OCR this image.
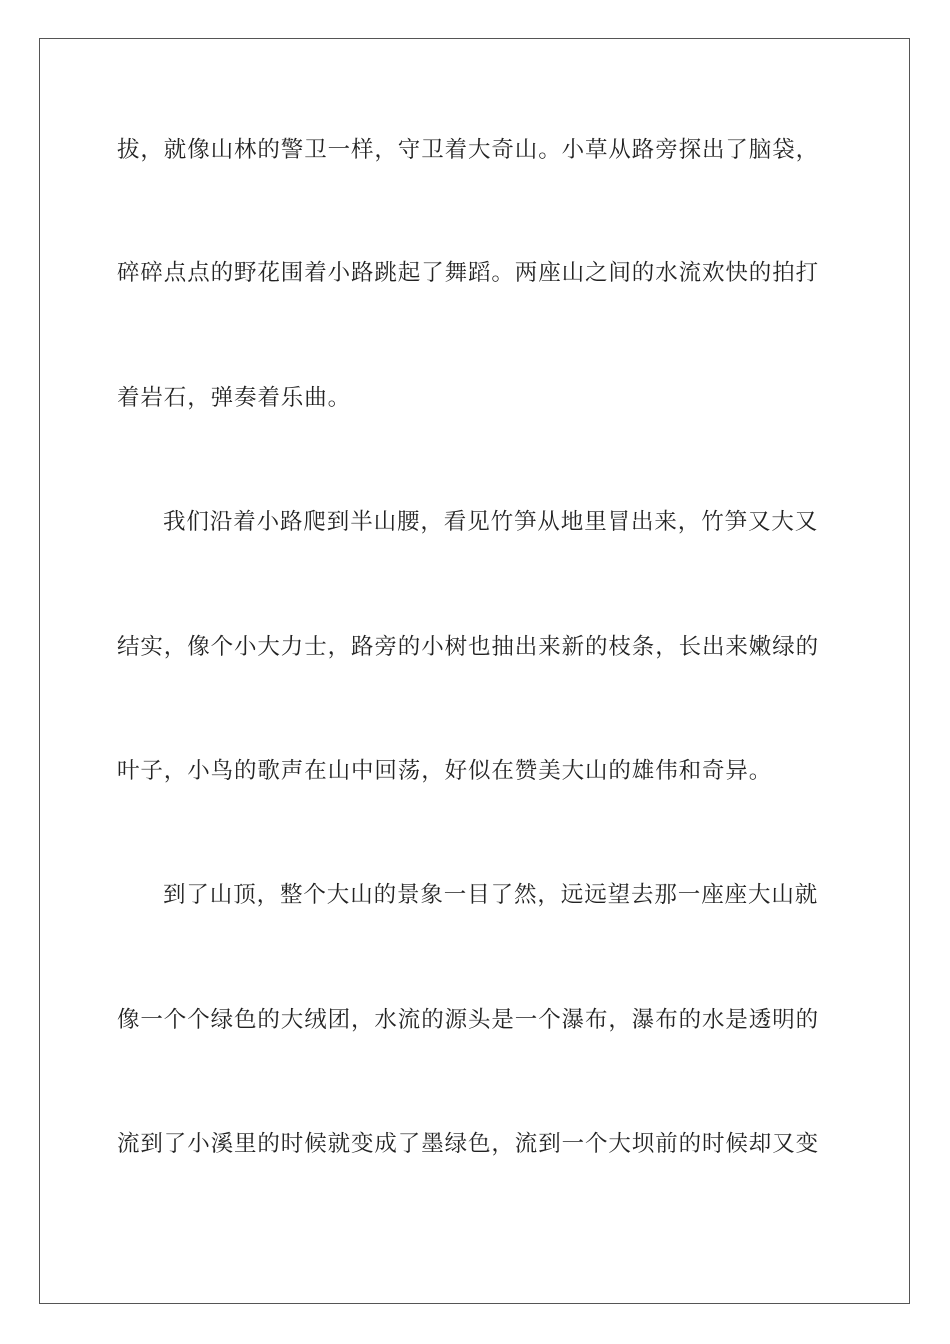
拔，就像山林的警卫一样，守卫着大奇山。小草从路旁探出了脑袋，
碎碎点点的野花围着小路跳起了舞蹈。两座山之间的水流欢快的拍打
着岩石，弹奏着乐曲。
我们沿着小路爬到半山腰，看见竹笋从地里冒出来，竹笋又大又
结实，像个小大力士，路旁的小树也抽出来新的枝条，长出来嫩绿的
叶子，小鸟的歌声在山中回荡，好似在赞美大山的雄伟和奇异。
到了山顶，整个大山的景象一目了然，远远望去那一座座大山就
像一个个绿色的大绒团，水流的源头是一个瀑布，瀑布的水是透明的
流到了小溪里的时候就变成了墨绿色，流到一个大坝前的时候却又变
